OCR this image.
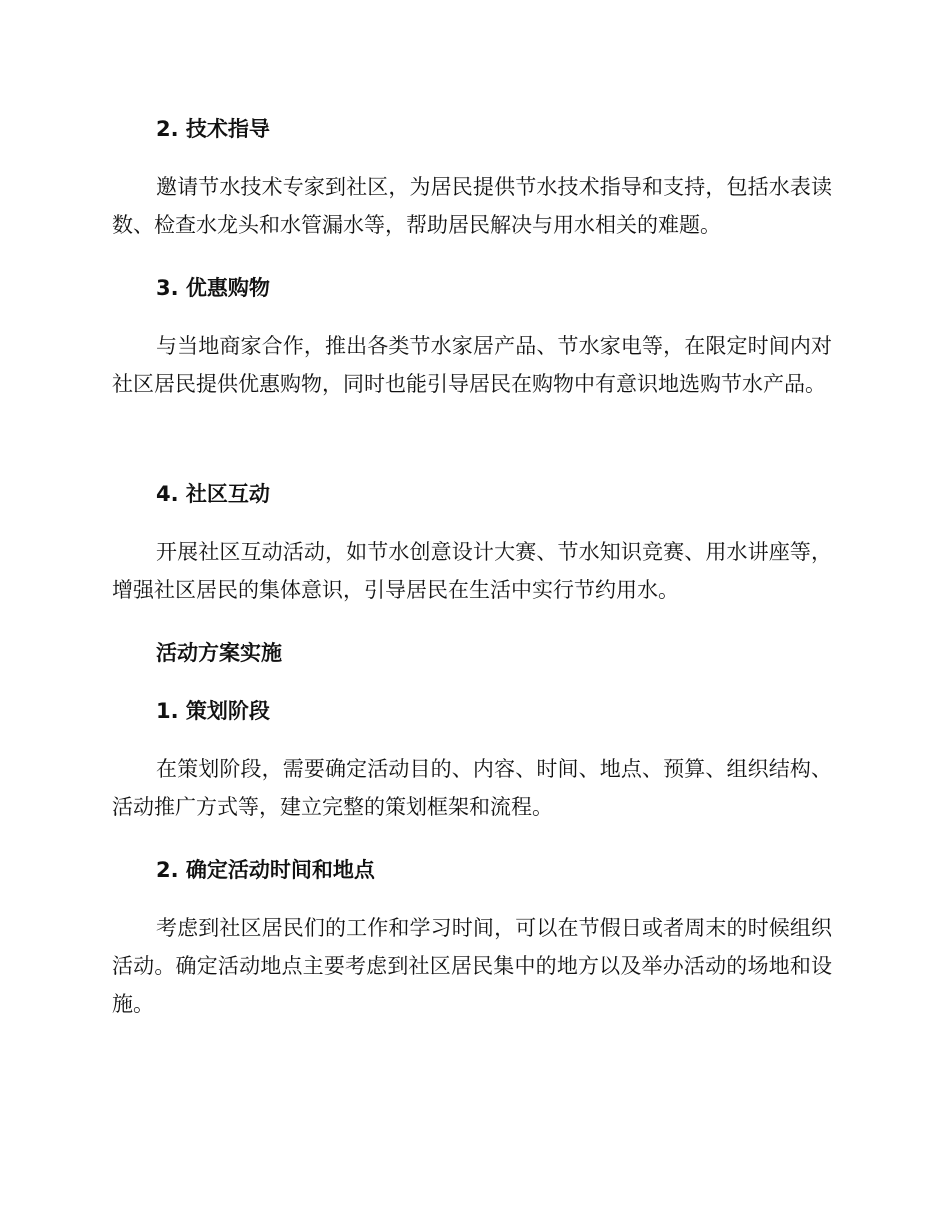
2. 技术指导

邀请节水技术专家到社区，为居民提供节水技术指导和支持，包括水表读数、检查水龙头和水管漏水等，帮助居民解决与用水相关的难题。

3. 优惠购物

与当地商家合作，推出各类节水家居产品、节水家电等，在限定时间内对社区居民提供优惠购物，同时也能引导居民在购物中有意识地选购节水产品。

4. 社区互动

开展社区互动活动，如节水创意设计大赛、节水知识竞赛、用水讲座等，增强社区居民的集体意识，引导居民在生活中实行节约用水。

活动方案实施
1. 策划阶段

在策划阶段，需要确定活动目的、内容、时间、地点、预算、组织结构、活动推广方式等，建立完整的策划框架和流程。

2. 确定活动时间和地点

考虑到社区居民们的工作和学习时间，可以在节假日或者周末的时候组织活动。确定活动地点主要考虑到社区居民集中的地方以及举办活动的场地和设施。
